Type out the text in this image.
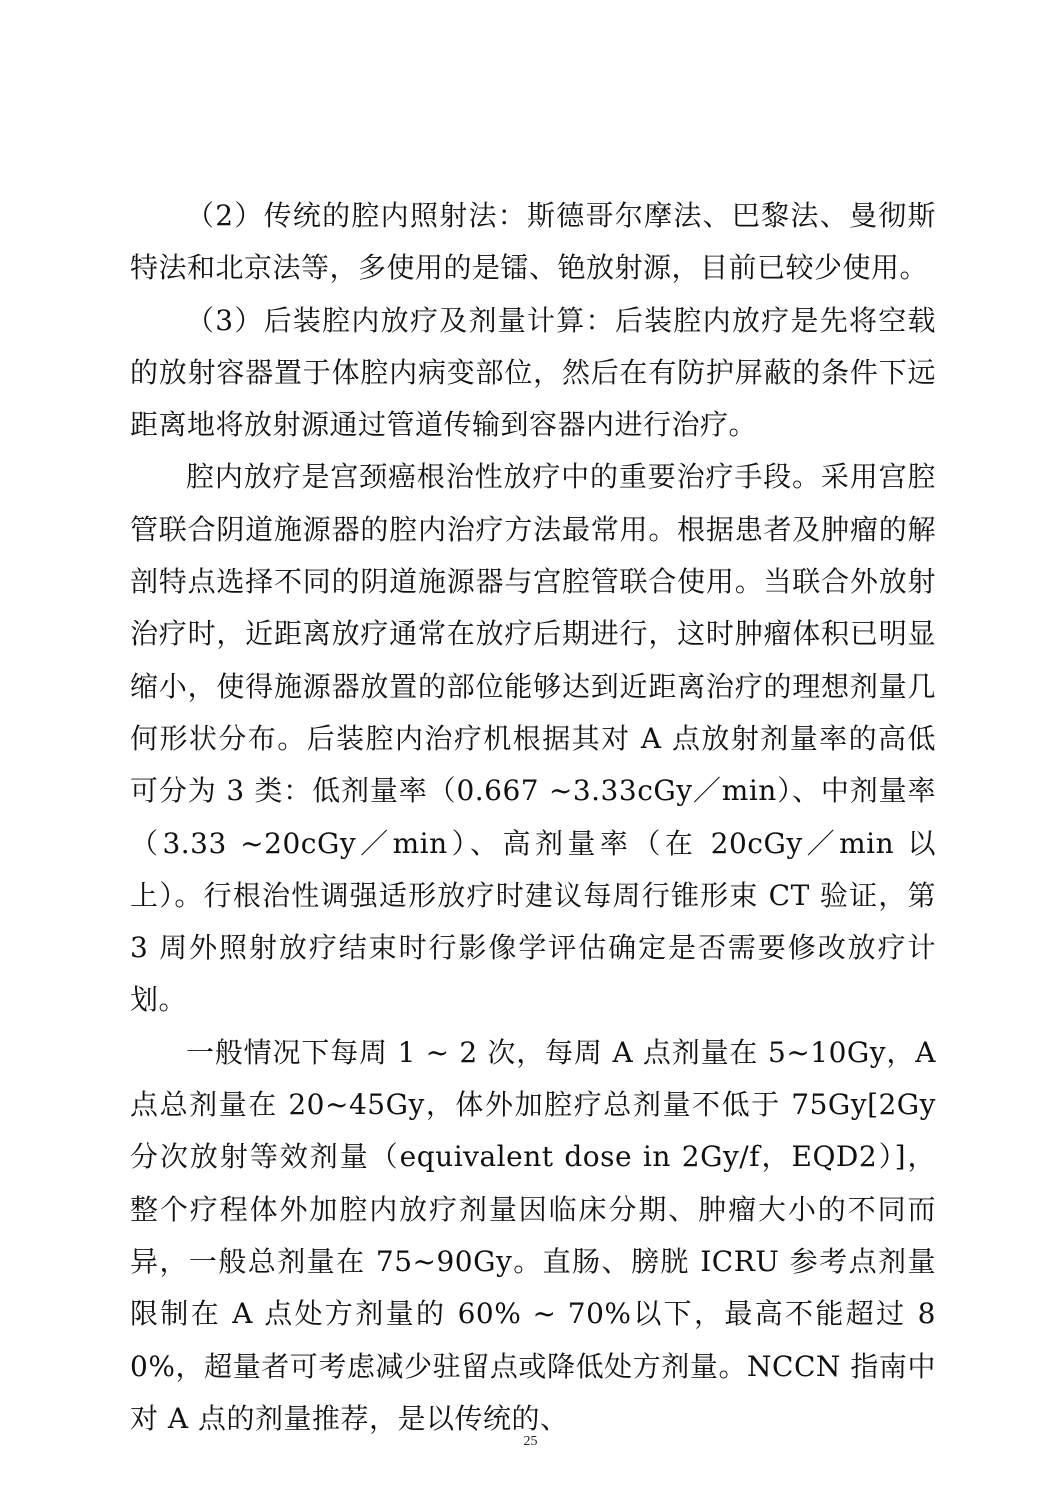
（2）传统的腔内照射法：斯德哥尔摩法、巴黎法、曼彻斯特法和北京法等，多使用的是镭、铯放射源，目前已较少使用。

（3）后装腔内放疗及剂量计算：后装腔内放疗是先将空载的放射容器置于体腔内病变部位，然后在有防护屏蔽的条件下远距离地将放射源通过管道传输到容器内进行治疗。

腔内放疗是宫颈癌根治性放疗中的重要治疗手段。采用宫腔管联合阴道施源器的腔内治疗方法最常用。根据患者及肿瘤的解剖特点选择不同的阴道施源器与宫腔管联合使用。当联合外放射治疗时，近距离放疗通常在放疗后期进行，这时肿瘤体积已明显缩小，使得施源器放置的部位能够达到近距离治疗的理想剂量几何形状分布。后装腔内治疗机根据其对 A 点放射剂量率的高低可分为 3 类：低剂量率（0.667 ~3.33cGy／min）、中剂量率（3.33 ~20cGy／min）、高剂量率（在 20cGy／min 以上）。行根治性调强适形放疗时建议每周行锥形束 CT 验证，第 3 周外照射放疗结束时行影像学评估确定是否需要修改放疗计划。

一般情况下每周 1 ~ 2 次，每周 A 点剂量在 5~10Gy，A 点总剂量在 20~45Gy，体外加腔疗总剂量不低于 75Gy[2Gy 分次放射等效剂量（equivalent dose in 2Gy/f，EQD2）]，整个疗程体外加腔内放疗剂量因临床分期、肿瘤大小的不同而异，一般总剂量在 75~90Gy。直肠、膀胱 ICRU 参考点剂量限制在 A 点处方剂量的 60% ~ 70%以下，最高不能超过 80%，超量者可考虑减少驻留点或降低处方剂量。NCCN 指南中对 A 点的剂量推荐，是以传统的、

25
